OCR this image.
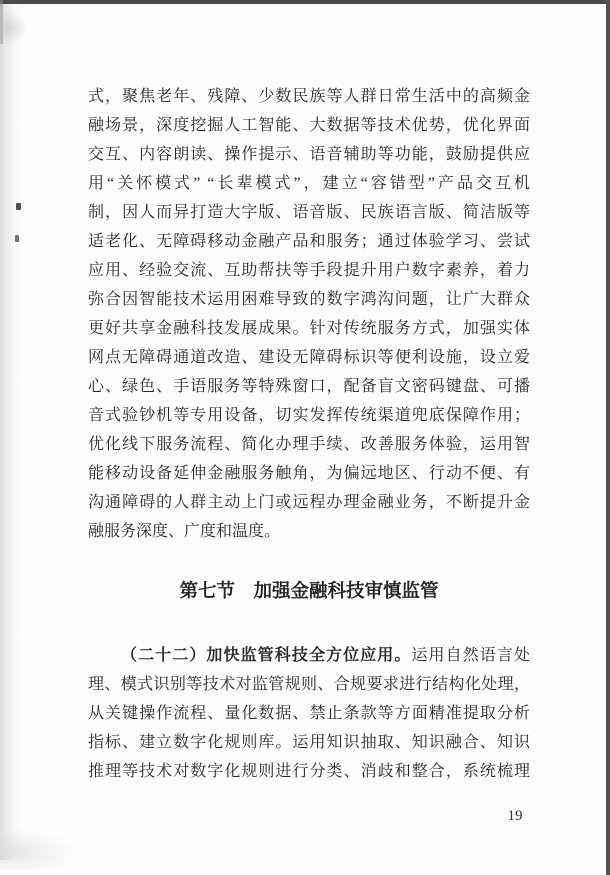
式，聚焦老年、残障、少数民族等人群日常生活中的高频金
融场景，深度挖掘人工智能、大数据等技术优势，优化界面
交互、内容朗读、操作提示、语音辅助等功能，鼓励提供应
用“关怀模式” “长辈模式”，建立“容错型”产品交互机
制，因人而异打造大字版、语音版、民族语言版、简洁版等
适老化、无障碍移动金融产品和服务；通过体验学习、尝试
应用、经验交流、互助帮扶等手段提升用户数字素养，着力
弥合因智能技术运用困难导致的数字鸿沟问题，让广大群众
更好共享金融科技发展成果。针对传统服务方式，加强实体
网点无障碍通道改造、建设无障碍标识等便利设施，设立爱
心、绿色、手语服务等特殊窗口，配备盲文密码键盘、可播
音式验钞机等专用设备，切实发挥传统渠道兜底保障作用；
优化线下服务流程、简化办理手续、改善服务体验，运用智
能移动设备延伸金融服务触角，为偏远地区、行动不便、有
沟通障碍的人群主动上门或远程办理金融业务，不断提升金
融服务深度、广度和温度。
第七节　加强金融科技审慎监管
（二十二）加快监管科技全方位应用。运用自然语言处
理、模式识别等技术对监管规则、合规要求进行结构化处理，
从关键操作流程、量化数据、禁止条款等方面精准提取分析
指标、建立数字化规则库。运用知识抽取、知识融合、知识
推理等技术对数字化规则进行分类、消歧和整合，系统梳理
19
